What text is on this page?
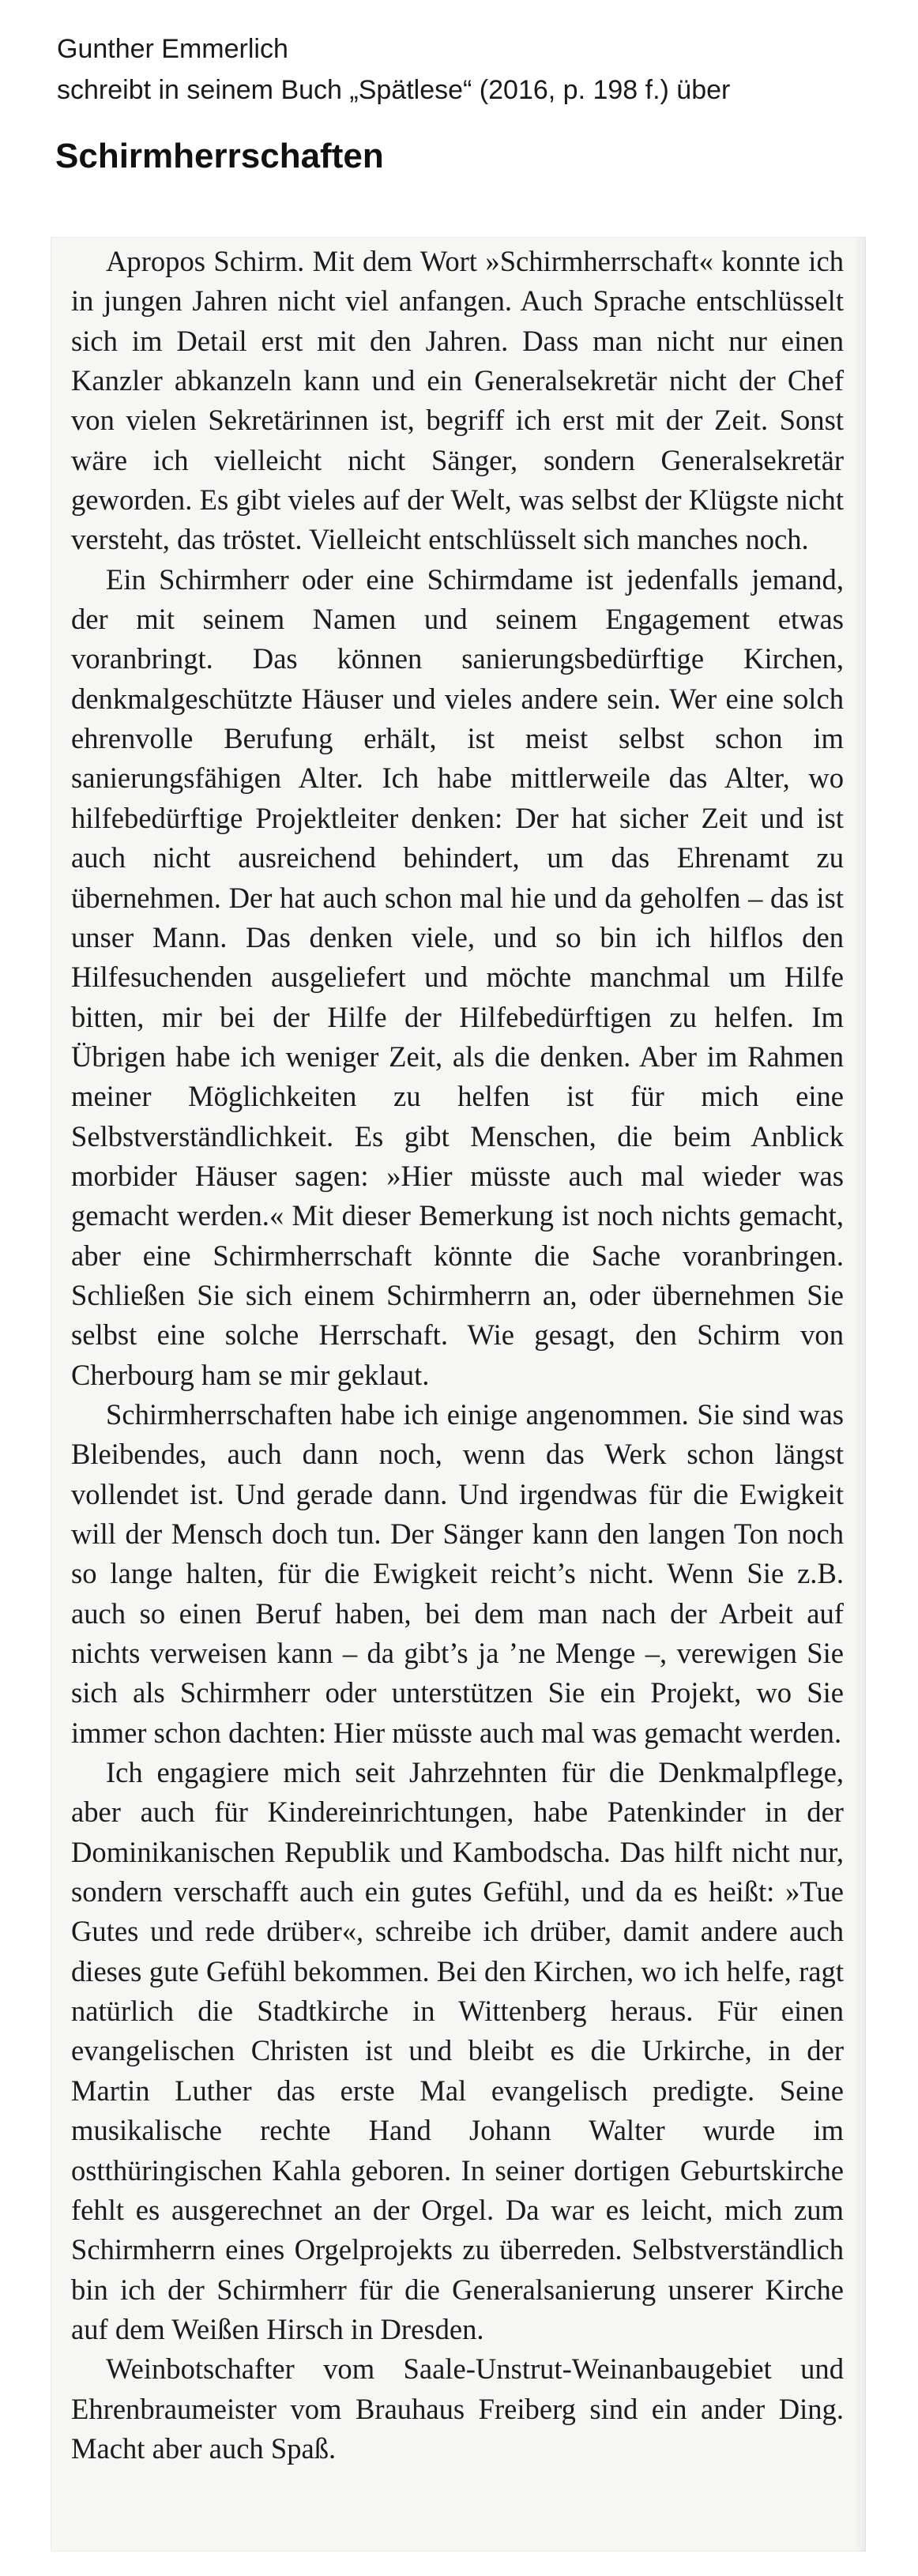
Gunther Emmerlich
schreibt in seinem Buch „Spätlese“ (2016, p. 198 f.) über
Schirmherrschaften

Apropos Schirm. Mit dem Wort »Schirmherrschaft« konnte ich in jungen Jahren nicht viel anfangen. Auch Sprache entschlüsselt sich im Detail erst mit den Jahren. Dass man nicht nur einen Kanzler abkanzeln kann und ein Generalsekretär nicht der Chef von vielen Sekretärinnen ist, begriff ich erst mit der Zeit. Sonst wäre ich vielleicht nicht Sänger, sondern Generalsekretär geworden. Es gibt vieles auf der Welt, was selbst der Klügste nicht versteht, das tröstet. Vielleicht entschlüsselt sich manches noch.

Ein Schirmherr oder eine Schirmdame ist jedenfalls jemand, der mit seinem Namen und seinem Engagement etwas voranbringt. Das können sanierungsbedürftige Kirchen, denkmalgeschützte Häuser und vieles andere sein. Wer eine solch ehrenvolle Berufung erhält, ist meist selbst schon im sanierungsfähigen Alter. Ich habe mittlerweile das Alter, wo hilfebedürftige Projektleiter denken: Der hat sicher Zeit und ist auch nicht ausreichend behindert, um das Ehrenamt zu übernehmen. Der hat auch schon mal hie und da geholfen – das ist unser Mann. Das denken viele, und so bin ich hilflos den Hilfesuchenden ausgeliefert und möchte manchmal um Hilfe bitten, mir bei der Hilfe der Hilfebedürftigen zu helfen. Im Übrigen habe ich weniger Zeit, als die denken. Aber im Rahmen meiner Möglichkeiten zu helfen ist für mich eine Selbstverständlichkeit. Es gibt Menschen, die beim Anblick morbider Häuser sagen: »Hier müsste auch mal wieder was gemacht werden.« Mit dieser Bemerkung ist noch nichts gemacht, aber eine Schirmherrschaft könnte die Sache voranbringen. Schließen Sie sich einem Schirmherrn an, oder übernehmen Sie selbst eine solche Herrschaft. Wie gesagt, den Schirm von Cherbourg ham se mir geklaut.

Schirmherrschaften habe ich einige angenommen. Sie sind was Bleibendes, auch dann noch, wenn das Werk schon längst vollendet ist. Und gerade dann. Und irgendwas für die Ewigkeit will der Mensch doch tun. Der Sänger kann den langen Ton noch so lange halten, für die Ewigkeit reicht’s nicht. Wenn Sie z.B. auch so einen Beruf haben, bei dem man nach der Arbeit auf nichts verweisen kann – da gibt’s ja ’ne Menge –, verewigen Sie sich als Schirmherr oder unterstützen Sie ein Projekt, wo Sie immer schon dachten: Hier müsste auch mal was gemacht werden.

Ich engagiere mich seit Jahrzehnten für die Denkmalpflege, aber auch für Kindereinrichtungen, habe Patenkinder in der Dominikanischen Republik und Kambodscha. Das hilft nicht nur, sondern verschafft auch ein gutes Gefühl, und da es heißt: »Tue Gutes und rede drüber«, schreibe ich drüber, damit andere auch dieses gute Gefühl bekommen. Bei den Kirchen, wo ich helfe, ragt natürlich die Stadtkirche in Wittenberg heraus. Für einen evangelischen Christen ist und bleibt es die Urkirche, in der Martin Luther das erste Mal evangelisch predigte. Seine musikalische rechte Hand Johann Walter wurde im ostthüringischen Kahla geboren. In seiner dortigen Geburtskirche fehlt es ausgerechnet an der Orgel. Da war es leicht, mich zum Schirmherrn eines Orgelprojekts zu überreden. Selbstverständlich bin ich der Schirmherr für die Generalsanierung unserer Kirche auf dem Weißen Hirsch in Dresden.

Weinbotschafter vom Saale-Unstrut-Weinanbaugebiet und Ehrenbraumeister vom Brauhaus Freiberg sind ein ander Ding. Macht aber auch Spaß.
